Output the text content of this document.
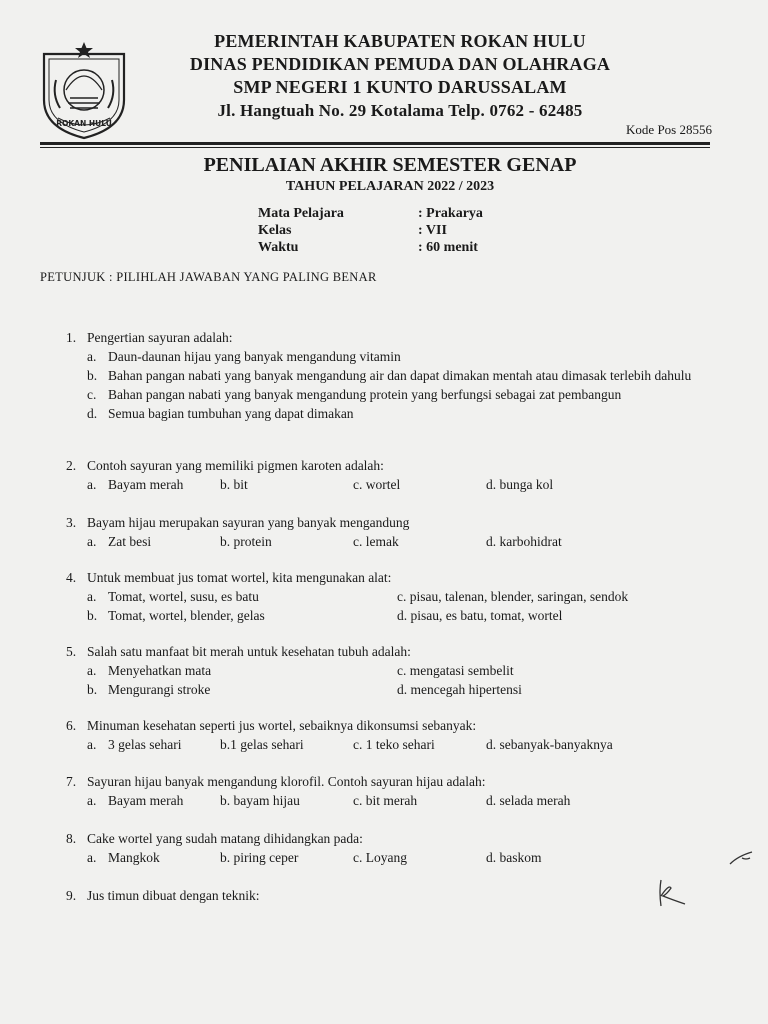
ROKAN HULU
PEMERINTAH KABUPATEN ROKAN HULU
DINAS PENDIDIKAN PEMUDA DAN OLAHRAGA
SMP NEGERI 1 KUNTO DARUSSALAM
Jl. Hangtuah No. 29 Kotalama Telp. 0762 - 62485
Kode Pos 28556
PENILAIAN AKHIR SEMESTER GENAP
TAHUN PELAJARAN 2022 / 2023
Mata Pelajara	: Prakarya
Kelas	: VII
Waktu	: 60 menit
PETUNJUK : PILIHLAH JAWABAN YANG PALING BENAR
1. Pengertian sayuran adalah:
a. Daun-daunan hijau yang banyak mengandung vitamin
b. Bahan pangan nabati yang banyak mengandung air dan dapat dimakan mentah atau dimasak terlebih dahulu
c. Bahan pangan nabati yang banyak mengandung protein yang berfungsi sebagai zat pembangun
d. Semua bagian tumbuhan yang dapat dimakan
2. Contoh sayuran yang memiliki pigmen karoten adalah:
a. Bayam merah	b. bit	c. wortel	d. bunga kol
3. Bayam hijau merupakan sayuran yang banyak mengandung
a. Zat besi	b. protein	c. lemak	d. karbohidrat
4. Untuk membuat jus tomat wortel, kita mengunakan alat:
a. Tomat, wortel, susu, es batu	c. pisau, talenan, blender, saringan, sendok
b. Tomat, wortel, blender, gelas	d. pisau, es batu, tomat, wortel
5. Salah satu manfaat bit merah untuk kesehatan tubuh adalah:
a. Menyehatkan mata	c. mengatasi sembelit
b. Mengurangi stroke	d. mencegah hipertensi
6. Minuman kesehatan seperti jus wortel, sebaiknya dikonsumsi sebanyak:
a. 3 gelas sehari	b.1 gelas sehari	c. 1 teko sehari	d. sebanyak-banyaknya
7. Sayuran hijau banyak mengandung klorofil. Contoh sayuran hijau adalah:
a. Bayam merah	b. bayam hijau	c. bit merah	d. selada merah
8. Cake wortel yang sudah matang dihidangkan pada:
a. Mangkok	b. piring ceper	c. Loyang	d. baskom
9. Jus timun dibuat dengan teknik:
